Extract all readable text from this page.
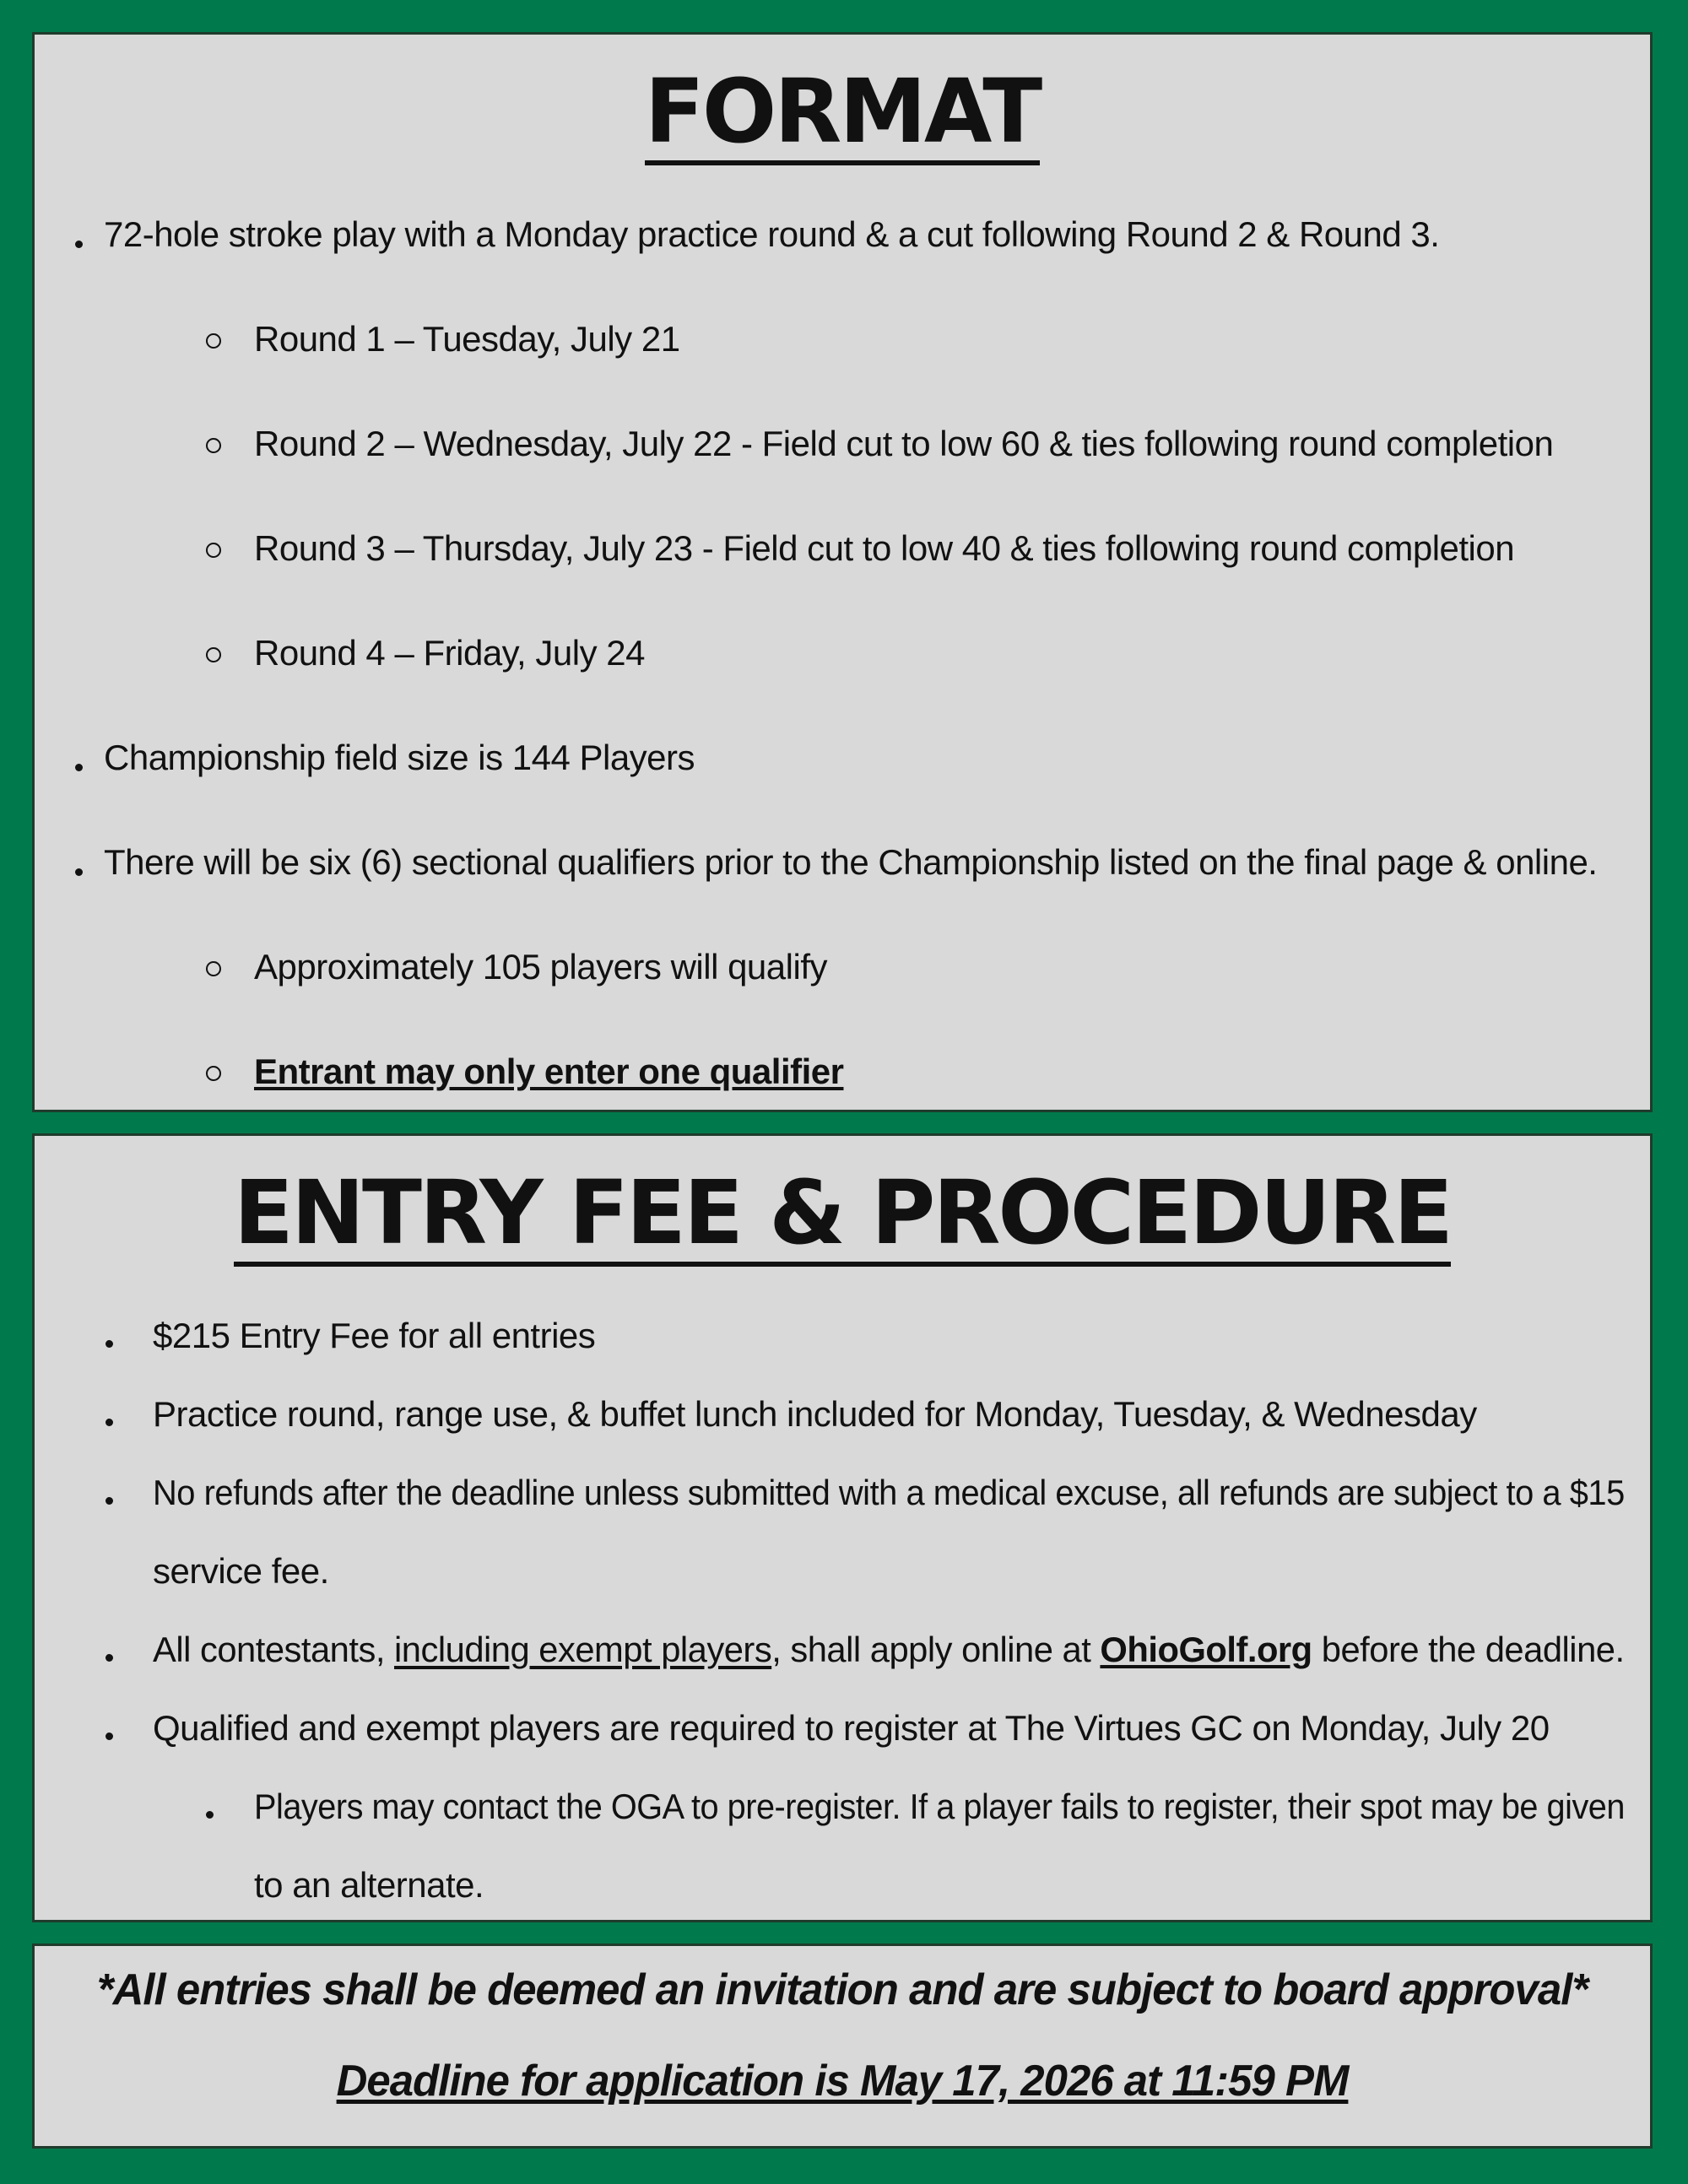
FORMAT
72-hole stroke play with a Monday practice round & a cut following Round 2 & Round 3.
Round 1 – Tuesday, July 21
Round 2 – Wednesday, July 22 - Field cut to low 60 & ties following round completion
Round 3 – Thursday, July 23 - Field cut to low 40 & ties following round completion
Round 4 – Friday, July 24
Championship field size is 144 Players
There will be six (6) sectional qualifiers prior to the Championship listed on the final page & online.
Approximately 105 players will qualify
Entrant may only enter one qualifier
ENTRY FEE & PROCEDURE
$215 Entry Fee for all entries
Practice round, range use, & buffet lunch included for Monday, Tuesday, & Wednesday
No refunds after the deadline unless submitted with a medical excuse, all refunds are subject to a $15
service fee.
All contestants, including exempt players, shall apply online at OhioGolf.org before the deadline.
Qualified and exempt players are required to register at The Virtues GC on Monday, July 20
Players may contact the OGA to pre-register. If a player fails to register, their spot may be given
to an alternate.
*All entries shall be deemed an invitation and are subject to board approval*
Deadline for application is May 17, 2026 at 11:59 PM
